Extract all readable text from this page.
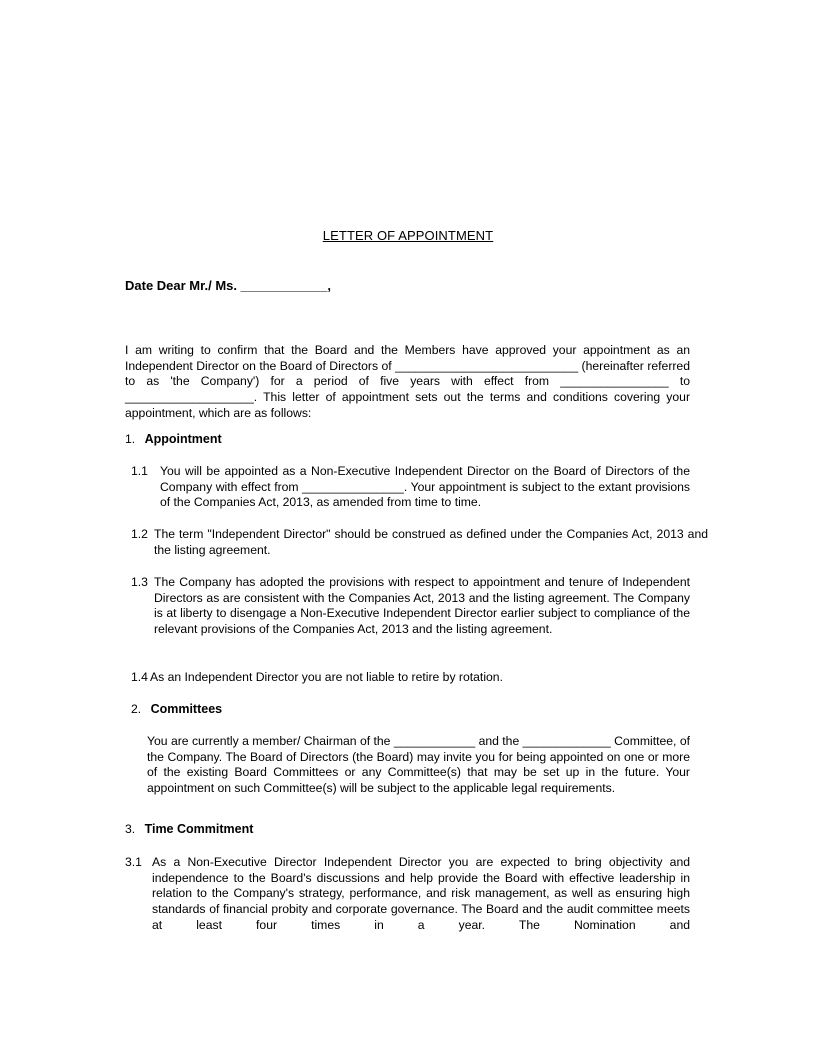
LETTER OF APPOINTMENT
Date Dear Mr./ Ms. ____________,
I am writing to confirm that the Board and the Members have approved your appointment as an Independent Director on the Board of Directors of ___________________________ (hereinafter referred to as 'the Company') for a period of five years with effect from ________________ to ___________________. This letter of appointment sets out the terms and conditions covering your appointment, which are as follows:
1. Appointment
1.1 You will be appointed as a Non-Executive Independent Director on the Board of Directors of the Company with effect from _______________. Your appointment is subject to the extant provisions of the Companies Act, 2013, as amended from time to time.
1.2 The term "Independent Director" should be construed as defined under the Companies Act, 2013 and the listing agreement.
1.3 The Company has adopted the provisions with respect to appointment and tenure of Independent Directors as are consistent with the Companies Act, 2013 and the listing agreement. The Company is at liberty to disengage a Non-Executive Independent Director earlier subject to compliance of the relevant provisions of the Companies Act, 2013 and the listing agreement.
1.4 As an Independent Director you are not liable to retire by rotation.
2. Committees
You are currently a member/ Chairman of the ____________ and the _____________ Committee, of the Company. The Board of Directors (the Board) may invite you for being appointed on one or more of the existing Board Committees or any Committee(s) that may be set up in the future. Your appointment on such Committee(s) will be subject to the applicable legal requirements.
3. Time Commitment
3.1 As a Non-Executive Director Independent Director you are expected to bring objectivity and independence to the Board's discussions and help provide the Board with effective leadership in relation to the Company's strategy, performance, and risk management, as well as ensuring high standards of financial probity and corporate governance. The Board and the audit committee meets at least four times in a year. The Nomination and
